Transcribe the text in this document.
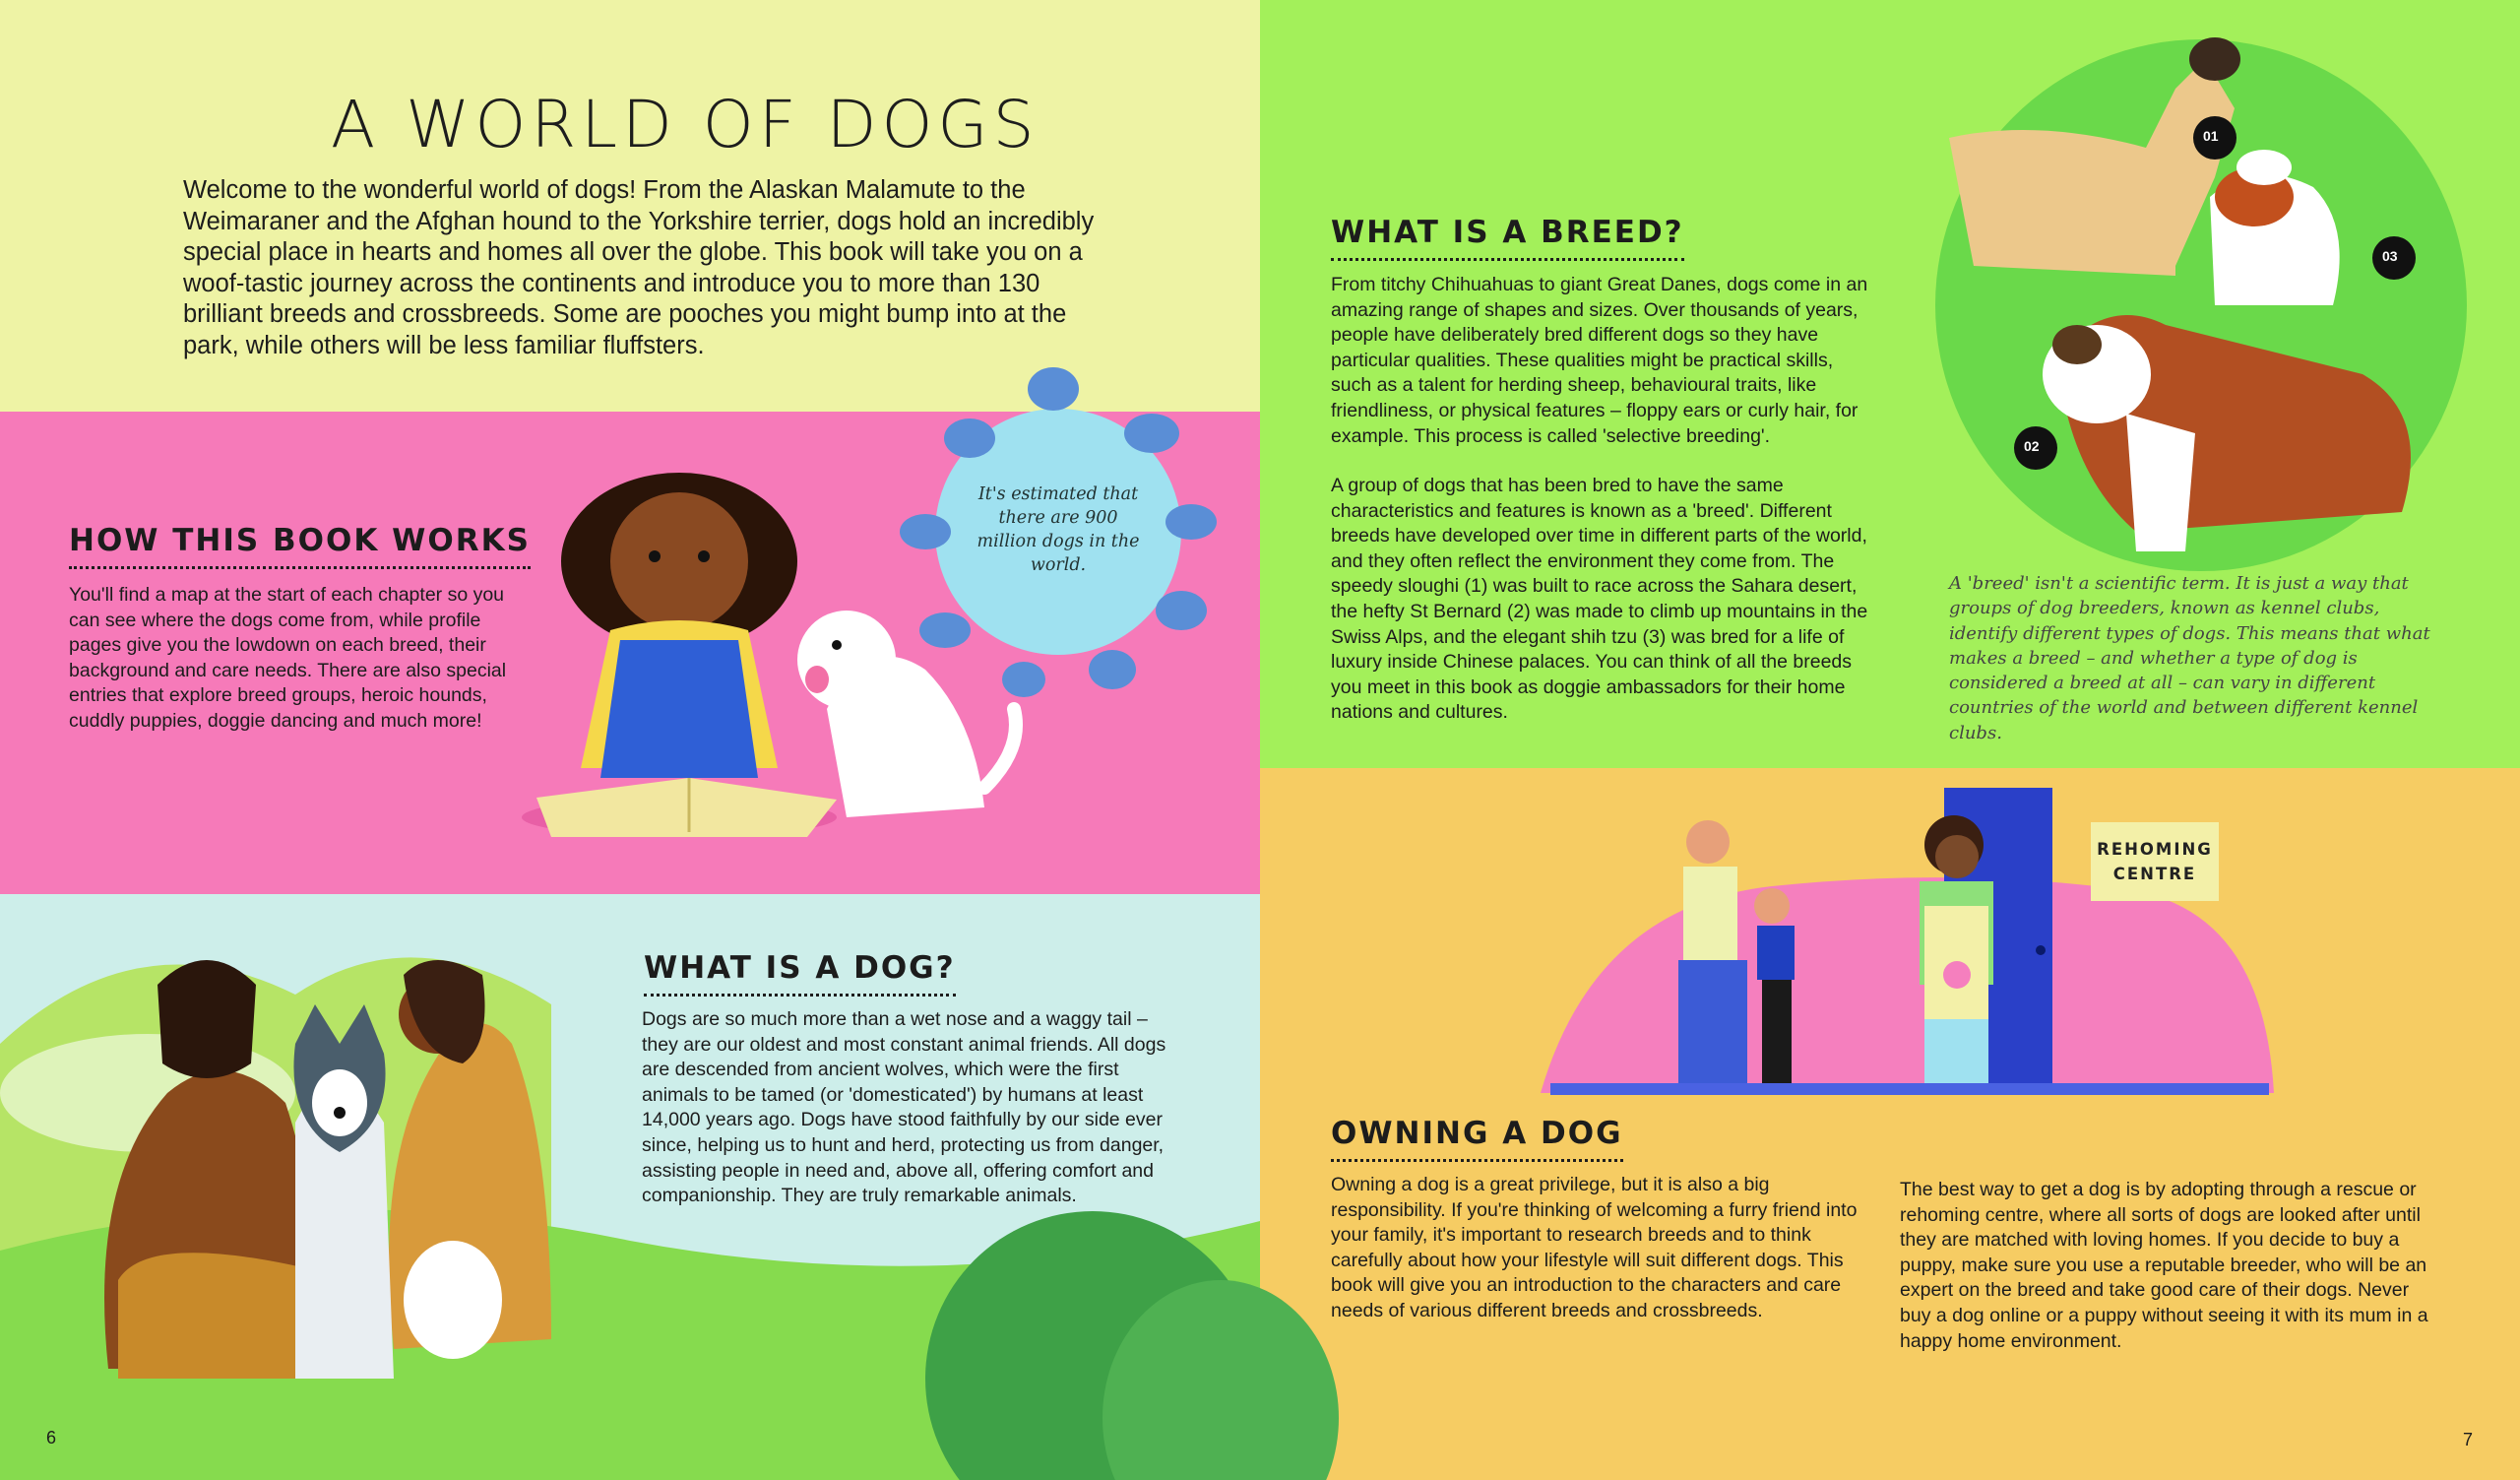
A WORLD OF DOGS

Welcome to the wonderful world of dogs! From the Alaskan Malamute to the Weimaraner and the Afghan hound to the Yorkshire terrier, dogs hold an incredibly special place in hearts and homes all over the globe. This book will take you on a woof-tastic journey across the continents and introduce you to more than 130 brilliant breeds and crossbreeds. Some are pooches you might bump into at the park, while others will be less familiar fluffsters.

HOW THIS BOOK WORKS

You'll find a map at the start of each chapter so you can see where the dogs come from, while profile pages give you the lowdown on each breed, their background and care needs. There are also special entries that explore breed groups, heroic hounds, cuddly puppies, doggie dancing and much more!

It's estimated that there are 900 million dogs in the world.

WHAT IS A DOG?

Dogs are so much more than a wet nose and a waggy tail – they are our oldest and most constant animal friends. All dogs are descended from ancient wolves, which were the first animals to be tamed (or 'domesticated') by humans at least 14,000 years ago. Dogs have stood faithfully by our side ever since, helping us to hunt and herd, protecting us from danger, assisting people in need and, above all, offering comfort and companionship. They are truly remarkable animals.

6
WHAT IS A BREED?

From titchy Chihuahuas to giant Great Danes, dogs come in an amazing range of shapes and sizes. Over thousands of years, people have deliberately bred different dogs so they have particular qualities. These qualities might be practical skills, such as a talent for herding sheep, behavioural traits, like friendliness, or physical features – floppy ears or curly hair, for example. This process is called 'selective breeding'.

A group of dogs that has been bred to have the same characteristics and features is known as a 'breed'. Different breeds have developed over time in different parts of the world, and they often reflect the environment they come from. The speedy sloughi (1) was built to race across the Sahara desert, the hefty St Bernard (2) was made to climb up mountains in the Swiss Alps, and the elegant shih tzu (3) was bred for a life of luxury inside Chinese palaces. You can think of all the breeds you meet in this book as doggie ambassadors for their home nations and cultures.

A 'breed' isn't a scientific term. It is just a way that groups of dog breeders, known as kennel clubs, identify different types of dogs. This means that what makes a breed – and whether a type of dog is considered a breed at all – can vary in different countries of the world and between different kennel clubs.

01
02
03
REHOMING
CENTRE
OWNING A DOG

Owning a dog is a great privilege, but it is also a big responsibility. If you're thinking of welcoming a furry friend into your family, it's important to research breeds and to think carefully about how your lifestyle will suit different dogs. This book will give you an introduction to the characters and care needs of various different breeds and crossbreeds.

The best way to get a dog is by adopting through a rescue or rehoming centre, where all sorts of dogs are looked after until they are matched with loving homes. If you decide to buy a puppy, make sure you use a reputable breeder, who will be an expert on the breed and take good care of their dogs. Never buy a dog online or a puppy without seeing it with its mum in a happy home environment.

7
